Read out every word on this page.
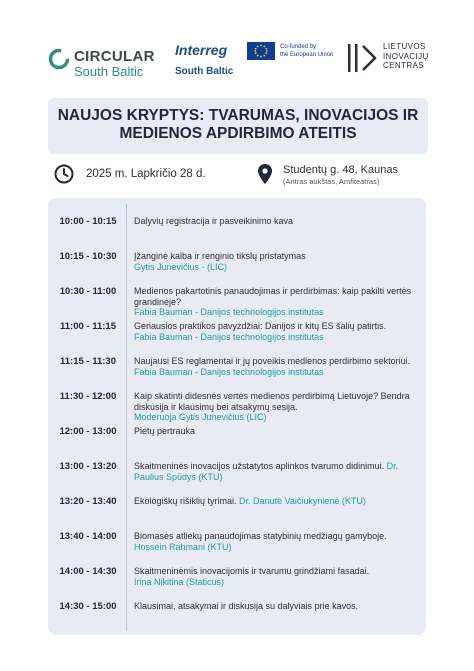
CIRCULAR
South Baltic
Interreg
South Baltic
Co-funded by
the European Union
LIETUVOS
INOVACIJŲ
CENTRAS
NAUJOS KRYPTYS: TVARUMAS, INOVACIJOS IR
MEDIENOS APDIRBIMO ATEITIS
2025 m. Lapkričio 28 d.	Studentų g. 48, Kaunas
(Antras aukštas, Amfiteatras)
10:00 - 10:15	Dalyvių registracija ir pasveikinimo kava
10:15 - 10:30	Įžanginė kalba ir renginio tikslų pristatymas
Gytis Junevičius - (LIC)
10:30 - 11:00	Medienos pakartotinis panaudojimas ir perdirbimas: kaip pakilti vertės grandinėje?
Fabia Bauman - Danijos technologijos institutas
11:00 - 11:15	Geriausios praktikos pavyzdžiai: Danijos ir kitų ES šalių patirtis.
Fabia Bauman - Danijos technologijos institutas
11:15 - 11:30	Naujausi ES reglamentai ir jų poveikis medienos perdirbimo sektoriui.
Fabia Bauman - Danijos technologijos institutas
11:30 - 12:00	Kaip skatinti didesnės vertės medienos perdirbimą Lietuvoje? Bendra diskusija ir klausimų bei atsakymų sesija.
Moderuoja Gytis Junevičius (LIC)
12:00 - 13:00	Pietų pertrauka
13:00 - 13:20	Skaitmeninės inovacijos užstatytos aplinkos tvarumo didinimui. Dr. Paulius Spūdys (KTU)
13:20 - 13:40	Ekologiškų rišiklių tyrimai. Dr. Danutė Vaičiukynienė (KTU)
13:40 - 14:00	Biomasės atliekų panaudojimas statybinių medžiagų gamyboje.
Hossein Rahmani (KTU)
14:00 - 14:30	Skaitmeninėmis inovacijomis ir tvarumu grindžiami fasadai.
Irina Nikitina (Staticus)
14:30 - 15:00	Klausimai, atsakymai ir diskusija su dalyviais prie kavos.
